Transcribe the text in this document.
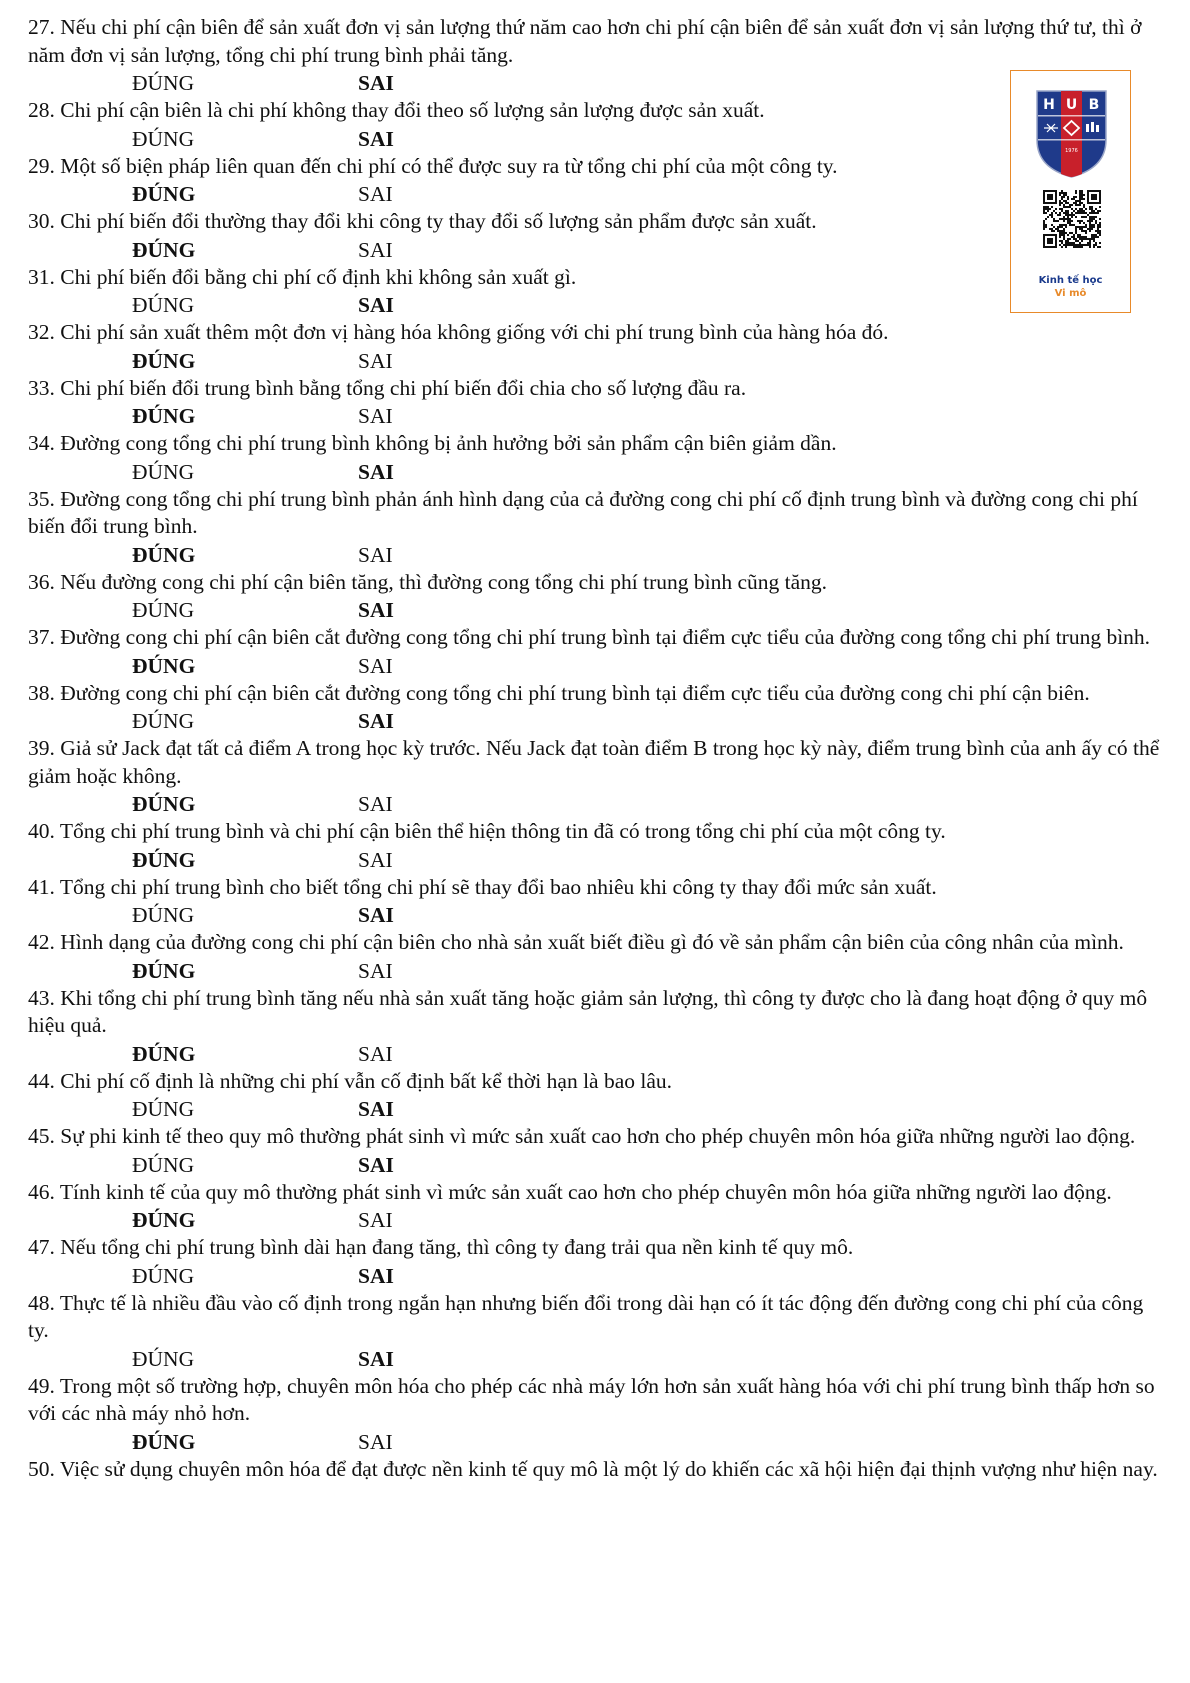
27. Nếu chi phí cận biên để sản xuất đơn vị sản lượng thứ năm cao hơn chi phí cận biên để sản xuất đơn vị sản lượng thứ tư, thì ở năm đơn vị sản lượng, tổng chi phí trung bình phải tăng.

ĐÚNG	SAI

28. Chi phí cận biên là chi phí không thay đổi theo số lượng sản lượng được sản xuất.

ĐÚNG	SAI

29. Một số biện pháp liên quan đến chi phí có thể được suy ra từ tổng chi phí của một công ty.

ĐÚNG	SAI

30. Chi phí biến đổi thường thay đổi khi công ty thay đổi số lượng sản phẩm được sản xuất.

ĐÚNG	SAI

31. Chi phí biến đổi bằng chi phí cố định khi không sản xuất gì.

ĐÚNG	SAI

32. Chi phí sản xuất thêm một đơn vị hàng hóa không giống với chi phí trung bình của hàng hóa đó.

ĐÚNG	SAI

33. Chi phí biến đổi trung bình bằng tổng chi phí biến đổi chia cho số lượng đầu ra.

ĐÚNG	SAI

34. Đường cong tổng chi phí trung bình không bị ảnh hưởng bởi sản phẩm cận biên giảm dần.

ĐÚNG	SAI

35. Đường cong tổng chi phí trung bình phản ánh hình dạng của cả đường cong chi phí cố định trung bình và đường cong chi phí biến đổi trung bình.

ĐÚNG	SAI

36. Nếu đường cong chi phí cận biên tăng, thì đường cong tổng chi phí trung bình cũng tăng.

ĐÚNG	SAI

37. Đường cong chi phí cận biên cắt đường cong tổng chi phí trung bình tại điểm cực tiểu của đường cong tổng chi phí trung bình.

ĐÚNG	SAI

38. Đường cong chi phí cận biên cắt đường cong tổng chi phí trung bình tại điểm cực tiểu của đường cong chi phí cận biên.

ĐÚNG	SAI

39. Giả sử Jack đạt tất cả điểm A trong học kỳ trước. Nếu Jack đạt toàn điểm B trong học kỳ này, điểm trung bình của anh ấy có thể giảm hoặc không.

ĐÚNG	SAI

40. Tổng chi phí trung bình và chi phí cận biên thể hiện thông tin đã có trong tổng chi phí của một công ty.

ĐÚNG	SAI

41. Tổng chi phí trung bình cho biết tổng chi phí sẽ thay đổi bao nhiêu khi công ty thay đổi mức sản xuất.

ĐÚNG	SAI

42. Hình dạng của đường cong chi phí cận biên cho nhà sản xuất biết điều gì đó về sản phẩm cận biên của công nhân của mình.

ĐÚNG	SAI

43. Khi tổng chi phí trung bình tăng nếu nhà sản xuất tăng hoặc giảm sản lượng, thì công ty được cho là đang hoạt động ở quy mô hiệu quả.

ĐÚNG	SAI

44. Chi phí cố định là những chi phí vẫn cố định bất kể thời hạn là bao lâu.

ĐÚNG	SAI

45. Sự phi kinh tế theo quy mô thường phát sinh vì mức sản xuất cao hơn cho phép chuyên môn hóa giữa những người lao động.

ĐÚNG	SAI

46. Tính kinh tế của quy mô thường phát sinh vì mức sản xuất cao hơn cho phép chuyên môn hóa giữa những người lao động.

ĐÚNG	SAI

47. Nếu tổng chi phí trung bình dài hạn đang tăng, thì công ty đang trải qua nền kinh tế quy mô.

ĐÚNG	SAI

48. Thực tế là nhiều đầu vào cố định trong ngắn hạn nhưng biến đổi trong dài hạn có ít tác động đến đường cong chi phí của công ty.

ĐÚNG	SAI

49. Trong một số trường hợp, chuyên môn hóa cho phép các nhà máy lớn hơn sản xuất hàng hóa với chi phí trung bình thấp hơn so với các nhà máy nhỏ hơn.

ĐÚNG	SAI

50. Việc sử dụng chuyên môn hóa để đạt được nền kinh tế quy mô là một lý do khiến các xã hội hiện đại thịnh vượng như hiện nay.

H U B
1976
Kinh tế học
Vi mô
